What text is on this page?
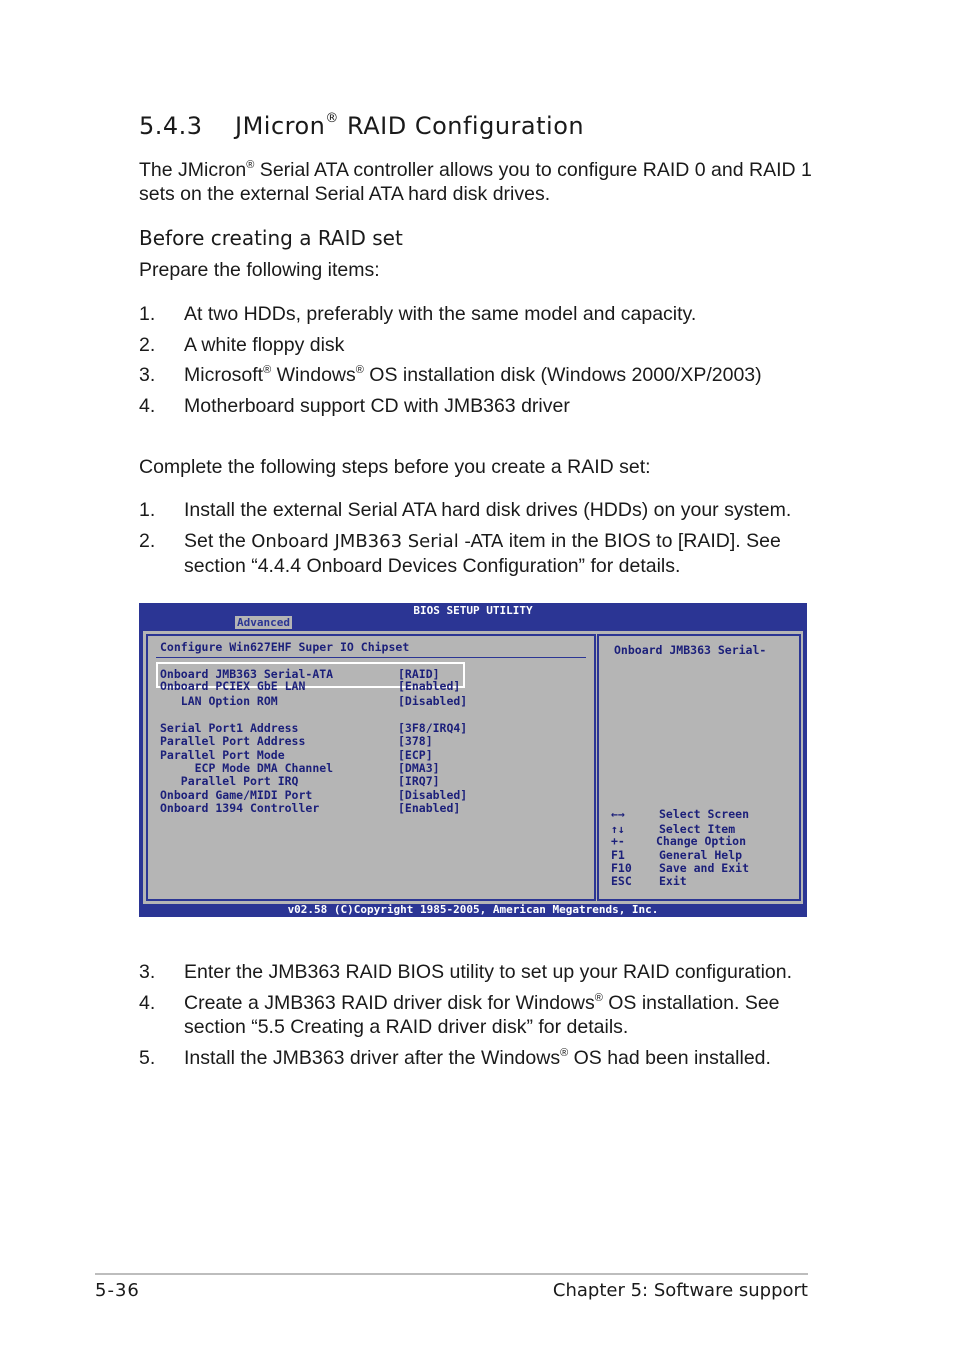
5.4.3 JMicron® RAID Configuration
The JMicron® Serial ATA controller allows you to configure RAID 0 and RAID 1 sets on the external Serial ATA hard disk drives.
Before creating a RAID set
Prepare the following items:
1. At two HDDs, preferably with the same model and capacity.
2. A white floppy disk
3. Microsoft® Windows® OS installation disk (Windows 2000/XP/2003)
4. Motherboard support CD with JMB363 driver
Complete the following steps before you create a RAID set:
1. Install the external Serial ATA hard disk drives (HDDs) on your system.
2. Set the Onboard JMB363 Serial -ATA item in the BIOS to [RAID]. See section “4.4.4 Onboard Devices Configuration” for details.
BIOS SETUP UTILITY
Advanced
Configure Win627EHF Super IO Chipset
Onboard JMB363 Serial-ATA	[RAID]
Onboard PCIEX GbE LAN	[Enabled]
LAN Option ROM	[Disabled]
Serial Port1 Address	[3F8/IRQ4]
Parallel Port Address	[378]
Parallel Port Mode	[ECP]
ECP Mode DMA Channel	[DMA3]
Parallel Port IRQ	[IRQ7]
Onboard Game/MIDI Port	[Disabled]
Onboard 1394 Controller	[Enabled]
Onboard JMB363 Serial-
←→	Select Screen
↑↓	Select Item
+-	Change Option
F1	General Help
F10	Save and Exit
ESC	Exit
v02.58 (C)Copyright 1985-2005, American Megatrends, Inc.
3. Enter the JMB363 RAID BIOS utility to set up your RAID configuration.
4. Create a JMB363 RAID driver disk for Windows® OS installation. See section “5.5 Creating a RAID driver disk” for details.
5. Install the JMB363 driver after the Windows® OS had been installed.
5-36	Chapter 5: Software support
